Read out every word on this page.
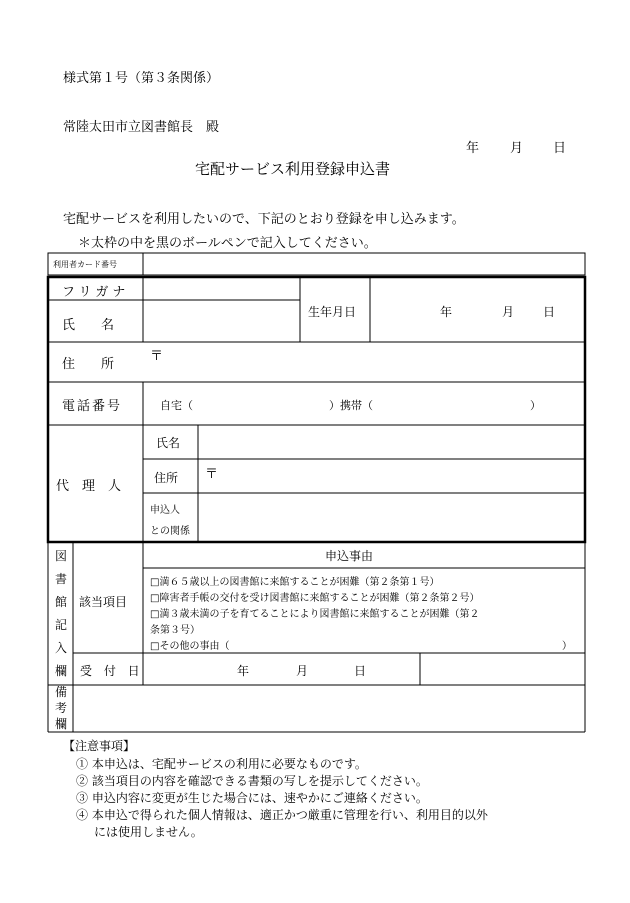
様式第１号（第３条関係）
常陸太田市立図書館長　殿
年 月 日
宅配サービス利用登録申込書
宅配サービスを利用したいので、下記のとおり登録を申し込みます。
＊太枠の中を黒のボールペンで記入してください。
利用者カード番号
フリガナ
氏　　名
生年月日	年	月 日
住　　所
〒
電話番号	自宅（	）携帯（	）
代　理　人
氏名
住所 〒
申込人
との関係
図
書
館
記
入
欄
該当項目
申込事由
□満６５歳以上の図書館に来館することが困難（第２条第１号）
□障害者手帳の交付を受け図書館に来館することが困難（第２条第２号）
□満３歳未満の子を育てることにより図書館に来館することが困難（第２
条第３号）
□その他の事由（	）
受 付 日	年	月	日
備
考
欄
【注意事項】
① 本申込は、宅配サービスの利用に必要なものです。
② 該当項目の内容を確認できる書類の写しを提示してください。
③ 申込内容に変更が生じた場合には、速やかにご連絡ください。
④ 本申込で得られた個人情報は、適正かつ厳重に管理を行い、利用目的以外
には使用しません。
